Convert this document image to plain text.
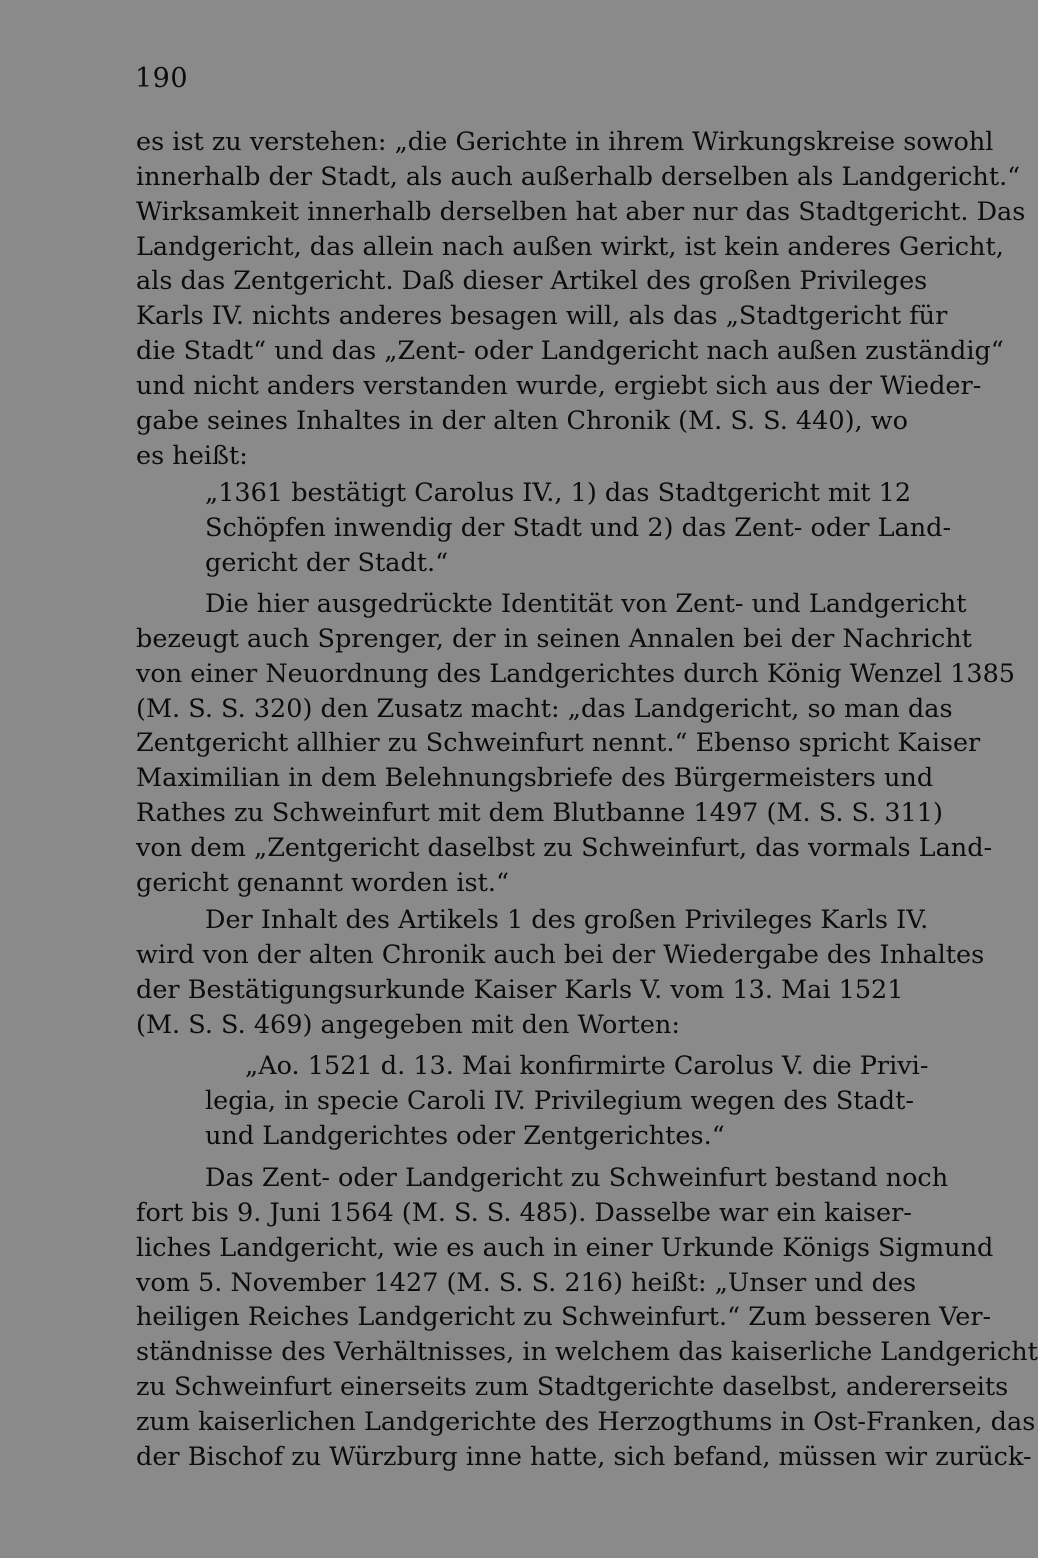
190
es ist zu verstehen: „die Gerichte in ihrem Wirkungskreise sowohl
innerhalb der Stadt, als auch außerhalb derselben als Landgericht.“
Wirksamkeit innerhalb derselben hat aber nur das Stadtgericht. Das
Landgericht, das allein nach außen wirkt, ist kein anderes Gericht,
als das Zentgericht. Daß dieser Artikel des großen Privileges
Karls IV. nichts anderes besagen will, als das „Stadtgericht für
die Stadt“ und das „Zent- oder Landgericht nach außen zuständig“
und nicht anders verstanden wurde, ergiebt sich aus der Wieder-
gabe seines Inhaltes in der alten Chronik (M. S. S. 440), wo
es heißt:
„1361 bestätigt Carolus IV., 1) das Stadtgericht mit 12
Schöpfen inwendig der Stadt und 2) das Zent- oder Land-
gericht der Stadt.“
Die hier ausgedrückte Identität von Zent- und Landgericht
bezeugt auch Sprenger, der in seinen Annalen bei der Nachricht
von einer Neuordnung des Landgerichtes durch König Wenzel 1385
(M. S. S. 320) den Zusatz macht: „das Landgericht, so man das
Zentgericht allhier zu Schweinfurt nennt.“ Ebenso spricht Kaiser
Maximilian in dem Belehnungsbriefe des Bürgermeisters und
Rathes zu Schweinfurt mit dem Blutbanne 1497 (M. S. S. 311)
von dem „Zentgericht daselbst zu Schweinfurt, das vormals Land-
gericht genannt worden ist.“
Der Inhalt des Artikels 1 des großen Privileges Karls IV.
wird von der alten Chronik auch bei der Wiedergabe des Inhaltes
der Bestätigungsurkunde Kaiser Karls V. vom 13. Mai 1521
(M. S. S. 469) angegeben mit den Worten:
„Ao. 1521 d. 13. Mai konfirmirte Carolus V. die Privi-
legia, in specie Caroli IV. Privilegium wegen des Stadt-
und Landgerichtes oder Zentgerichtes.“
Das Zent- oder Landgericht zu Schweinfurt bestand noch
fort bis 9. Juni 1564 (M. S. S. 485). Dasselbe war ein kaiser-
liches Landgericht, wie es auch in einer Urkunde Königs Sigmund
vom 5. November 1427 (M. S. S. 216) heißt: „Unser und des
heiligen Reiches Landgericht zu Schweinfurt.“ Zum besseren Ver-
ständnisse des Verhältnisses, in welchem das kaiserliche Landgericht
zu Schweinfurt einerseits zum Stadtgerichte daselbst, andererseits
zum kaiserlichen Landgerichte des Herzogthums in Ost-Franken, das
der Bischof zu Würzburg inne hatte, sich befand, müssen wir zurück-
